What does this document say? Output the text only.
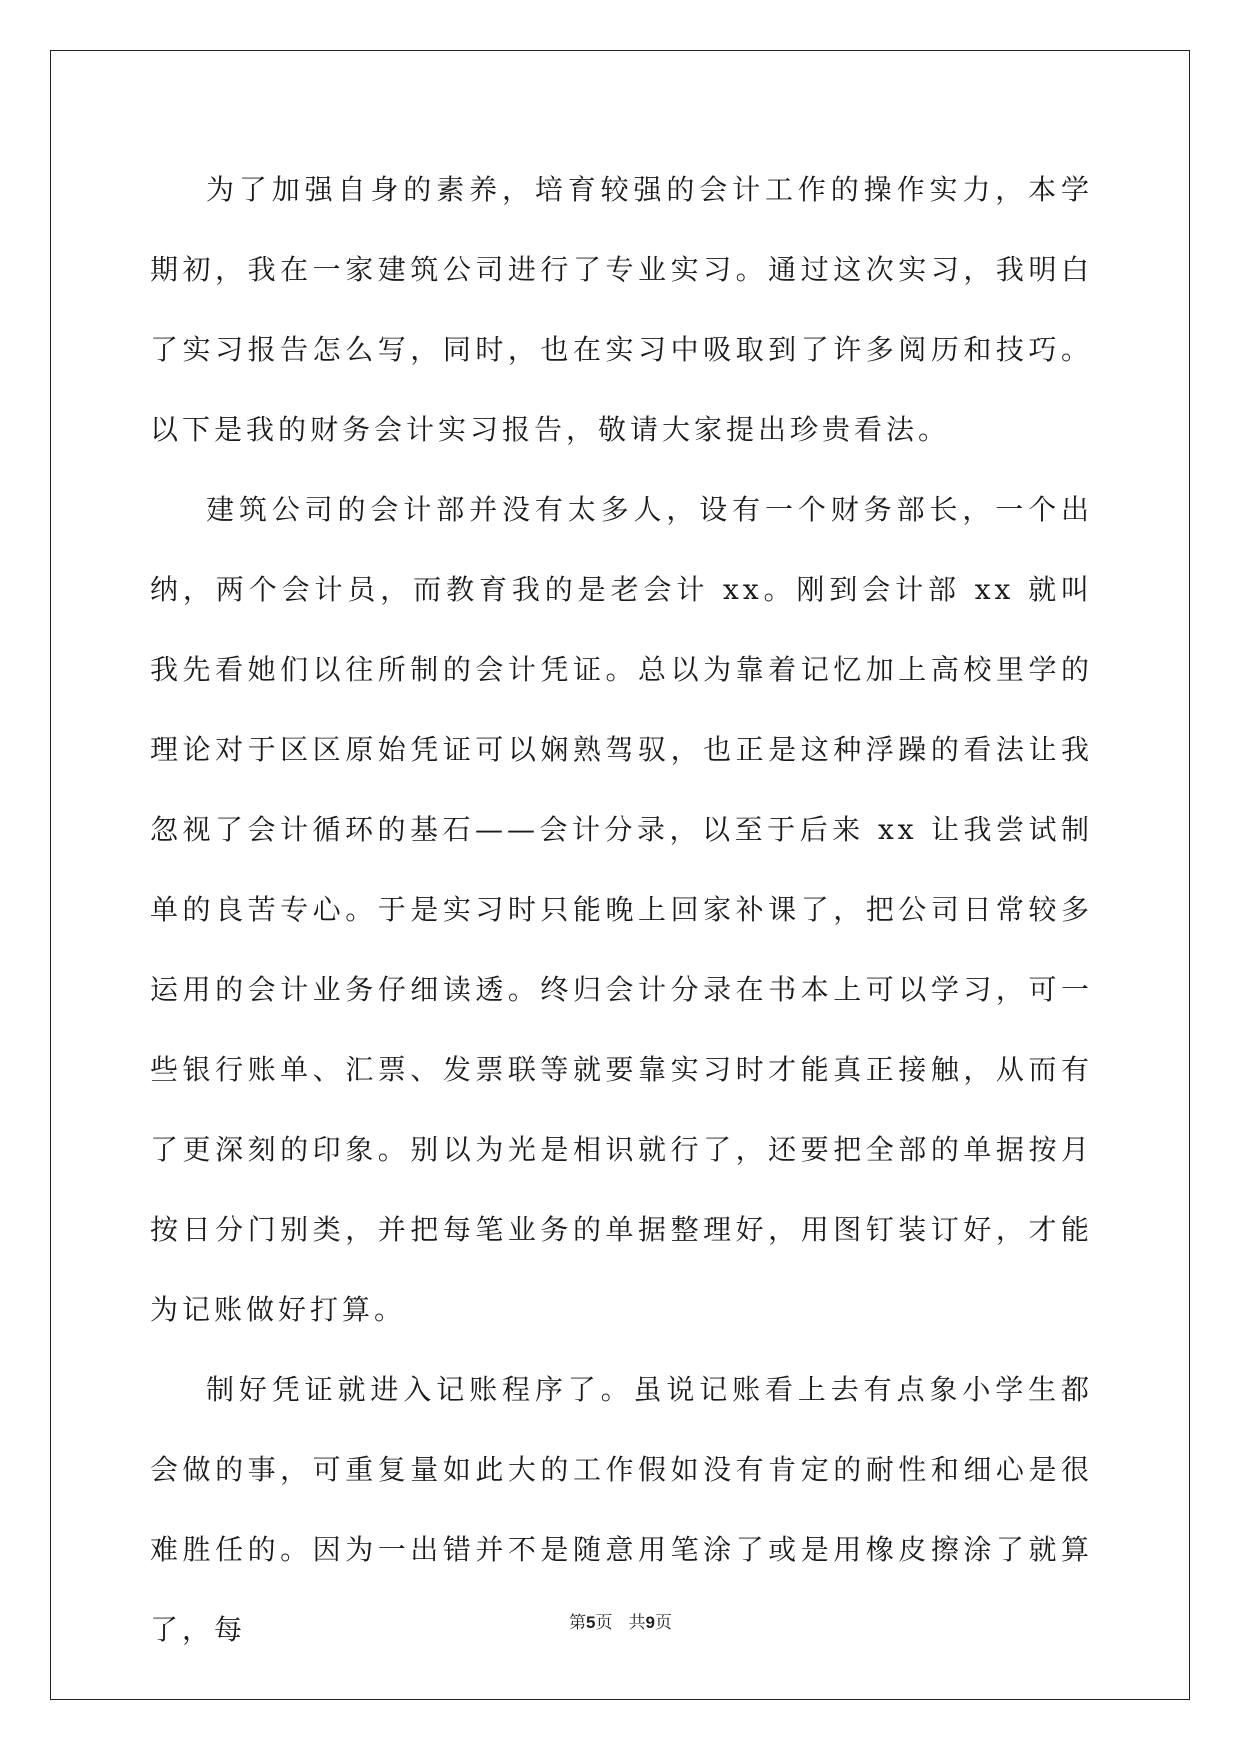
为了加强自身的素养，培育较强的会计工作的操作实力，本学期初，我在一家建筑公司进行了专业实习。通过这次实习，我明白了实习报告怎么写，同时，也在实习中吸取到了许多阅历和技巧。以下是我的财务会计实习报告，敬请大家提出珍贵看法。

建筑公司的会计部并没有太多人，设有一个财务部长，一个出纳，两个会计员，而教育我的是老会计 xx。刚到会计部 xx 就叫我先看她们以往所制的会计凭证。总以为靠着记忆加上高校里学的理论对于区区原始凭证可以娴熟驾驭，也正是这种浮躁的看法让我忽视了会计循环的基石——会计分录，以至于后来 xx 让我尝试制单的良苦专心。于是实习时只能晚上回家补课了，把公司日常较多运用的会计业务仔细读透。终归会计分录在书本上可以学习，可一些银行账单、汇票、发票联等就要靠实习时才能真正接触，从而有了更深刻的印象。别以为光是相识就行了，还要把全部的单据按月按日分门别类，并把每笔业务的单据整理好，用图钉装订好，才能为记账做好打算。

制好凭证就进入记账程序了。虽说记账看上去有点象小学生都会做的事，可重复量如此大的工作假如没有肯定的耐性和细心是很难胜任的。因为一出错并不是随意用笔涂了或是用橡皮擦涂了就算了，每	第5页 共9页
